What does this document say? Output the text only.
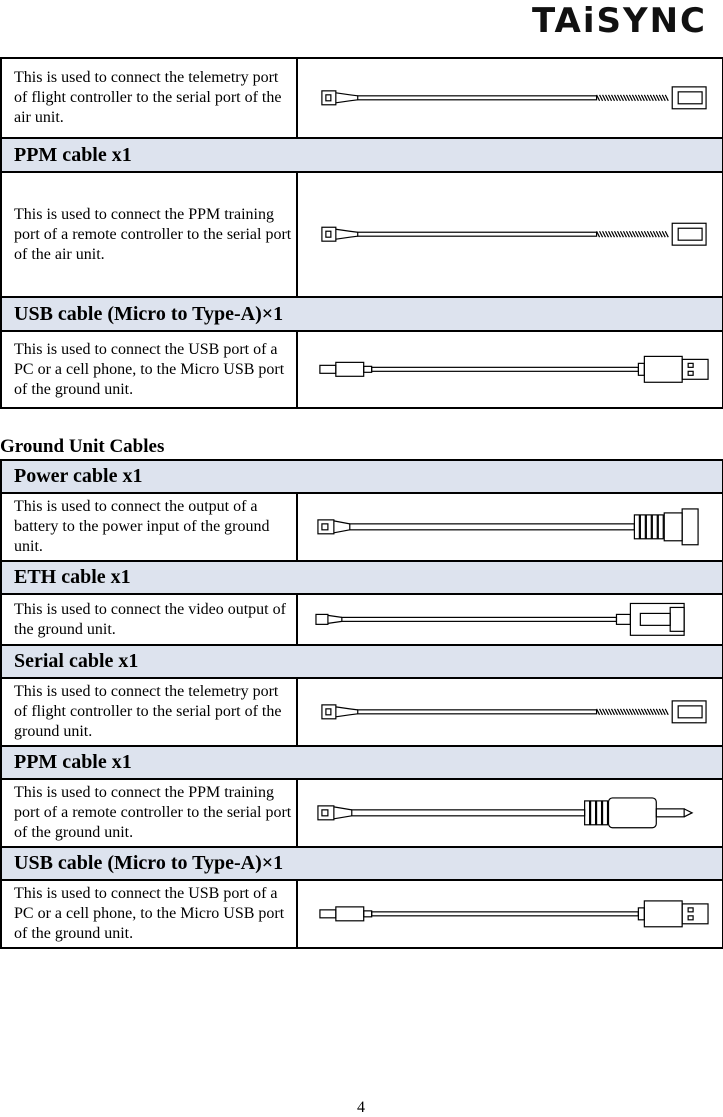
TAiSYNC
This is used to connect the telemetry port of flight controller to the serial port of the air unit.	

PPM cable x1	
This is used to connect the PPM training port of a remote controller to the serial port of the air unit.	

USB cable (Micro to Type-A)×1	
This is used to connect the USB port of a PC or a cell phone, to the Micro USB port of the ground unit.	
Ground Unit Cables
Power cable x1	
This is used to connect the output of a battery to the power input of the ground unit.	

ETH cable x1	
This is used to connect the video output of the ground unit.	

Serial cable x1	
This is used to connect the telemetry port of flight controller to the serial port of the ground unit.	

PPM cable x1	
This is used to connect the PPM training port of a remote controller to the serial port of the ground unit.	

USB cable (Micro to Type-A)×1	
This is used to connect the USB port of a PC or a cell phone, to the Micro USB port of the ground unit.	
4
